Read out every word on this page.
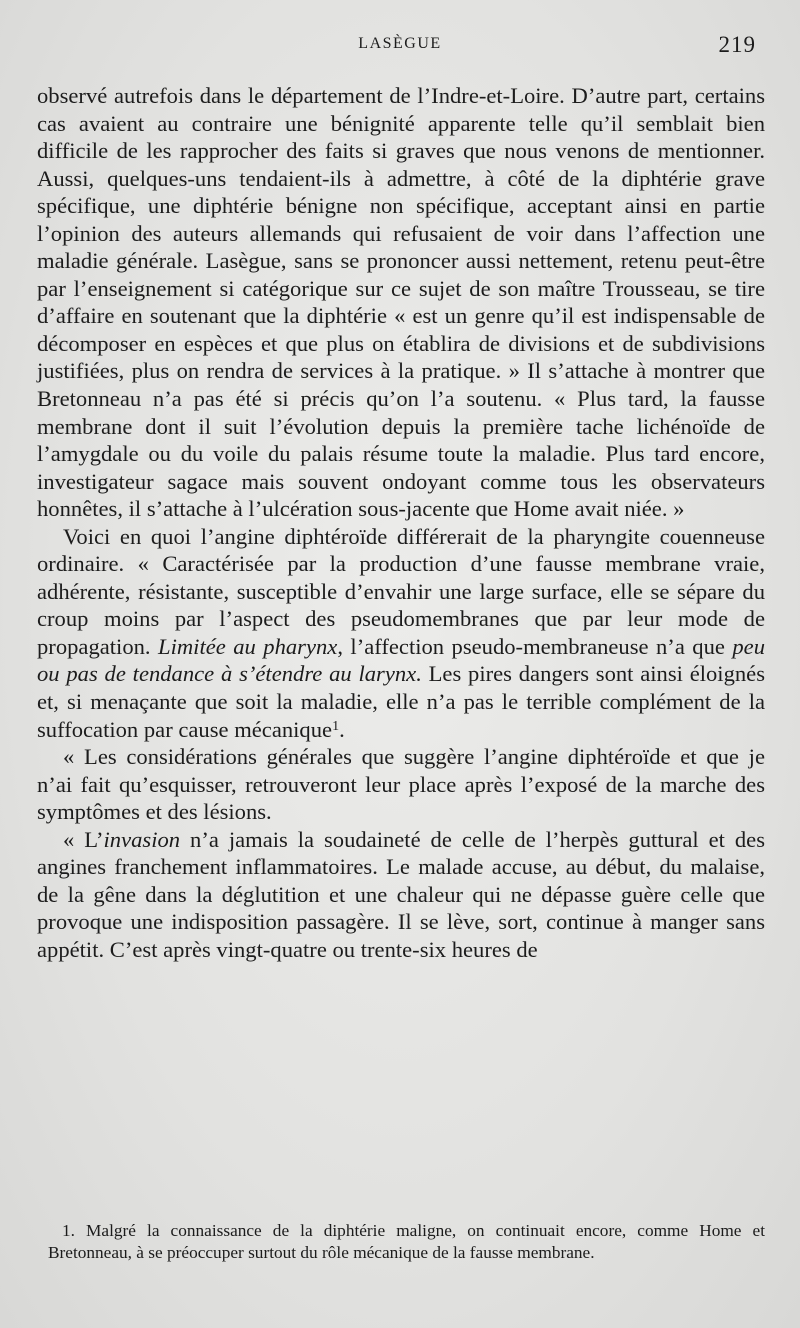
LASÈGUE	219

observé autrefois dans le département de l’Indre-et-Loire. D’autre part, certains cas avaient au contraire une bénignité apparente telle qu’il semblait bien difficile de les rapprocher des faits si graves que nous venons de mentionner. Aussi, quelques-uns tendaient-ils à admettre, à côté de la diphtérie grave spécifique, une diphtérie bénigne non spécifique, acceptant ainsi en partie l’opinion des auteurs allemands qui refusaient de voir dans l’affection une maladie générale. Lasègue, sans se prononcer aussi nettement, retenu peut-être par l’enseignement si catégorique sur ce sujet de son maître Trousseau, se tire d’affaire en soutenant que la diphtérie « est un genre qu’il est indispensable de décomposer en espèces et que plus on établira de divisions et de subdivisions justifiées, plus on rendra de services à la pratique. » Il s’attache à montrer que Bretonneau n’a pas été si précis qu’on l’a soutenu. « Plus tard, la fausse membrane dont il suit l’évolution depuis la première tache lichénoïde de l’amygdale ou du voile du palais résume toute la maladie. Plus tard encore, investigateur sagace mais souvent ondoyant comme tous les observateurs honnêtes, il s’attache à l’ulcération sous-jacente que Home avait niée. »

Voici en quoi l’angine diphtéroïde différerait de la pharyngite couenneuse ordinaire. « Caractérisée par la production d’une fausse membrane vraie, adhérente, résistante, susceptible d’envahir une large surface, elle se sépare du croup moins par l’aspect des pseudomembranes que par leur mode de propagation. Limitée au pharynx, l’affection pseudo-membraneuse n’a que peu ou pas de tendance à s’étendre au larynx. Les pires dangers sont ainsi éloignés et, si menaçante que soit la maladie, elle n’a pas le terrible complément de la suffocation par cause mécanique$^1$.

« Les considérations générales que suggère l’angine diphtéroïde et que je n’ai fait qu’esquisser, retrouveront leur place après l’exposé de la marche des symptômes et des lésions.

« L’invasion n’a jamais la soudaineté de celle de l’herpès guttural et des angines franchement inflammatoires. Le malade accuse, au début, du malaise, de la gêne dans la déglutition et une chaleur qui ne dépasse guère celle que provoque une indisposition passagère. Il se lève, sort, continue à manger sans appétit. C’est après vingt-quatre ou trente-six heures de

1. Malgré la connaissance de la diphtérie maligne, on continuait encore, comme Home et Bretonneau, à se préoccuper surtout du rôle mécanique de la fausse membrane.
